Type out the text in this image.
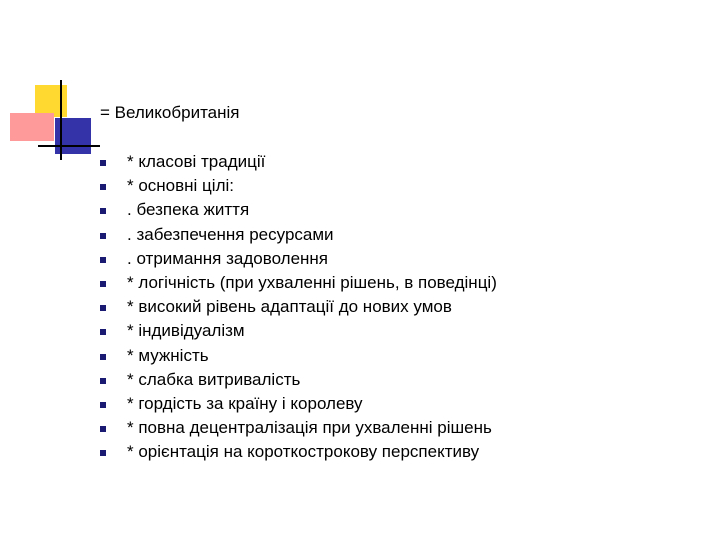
= Великобританія
* класові традиції
* основні цілі:
. безпека життя
. забезпечення ресурсами
. отримання задоволення
* логічність (при ухваленні рішень, в поведінці)
* високий рівень адаптації до нових умов
* індивідуалізм
* мужність
* слабка витривалість
* гордість за країну і королеву
* повна децентралізація при ухваленні рішень
* орієнтація на короткострокову перспективу
